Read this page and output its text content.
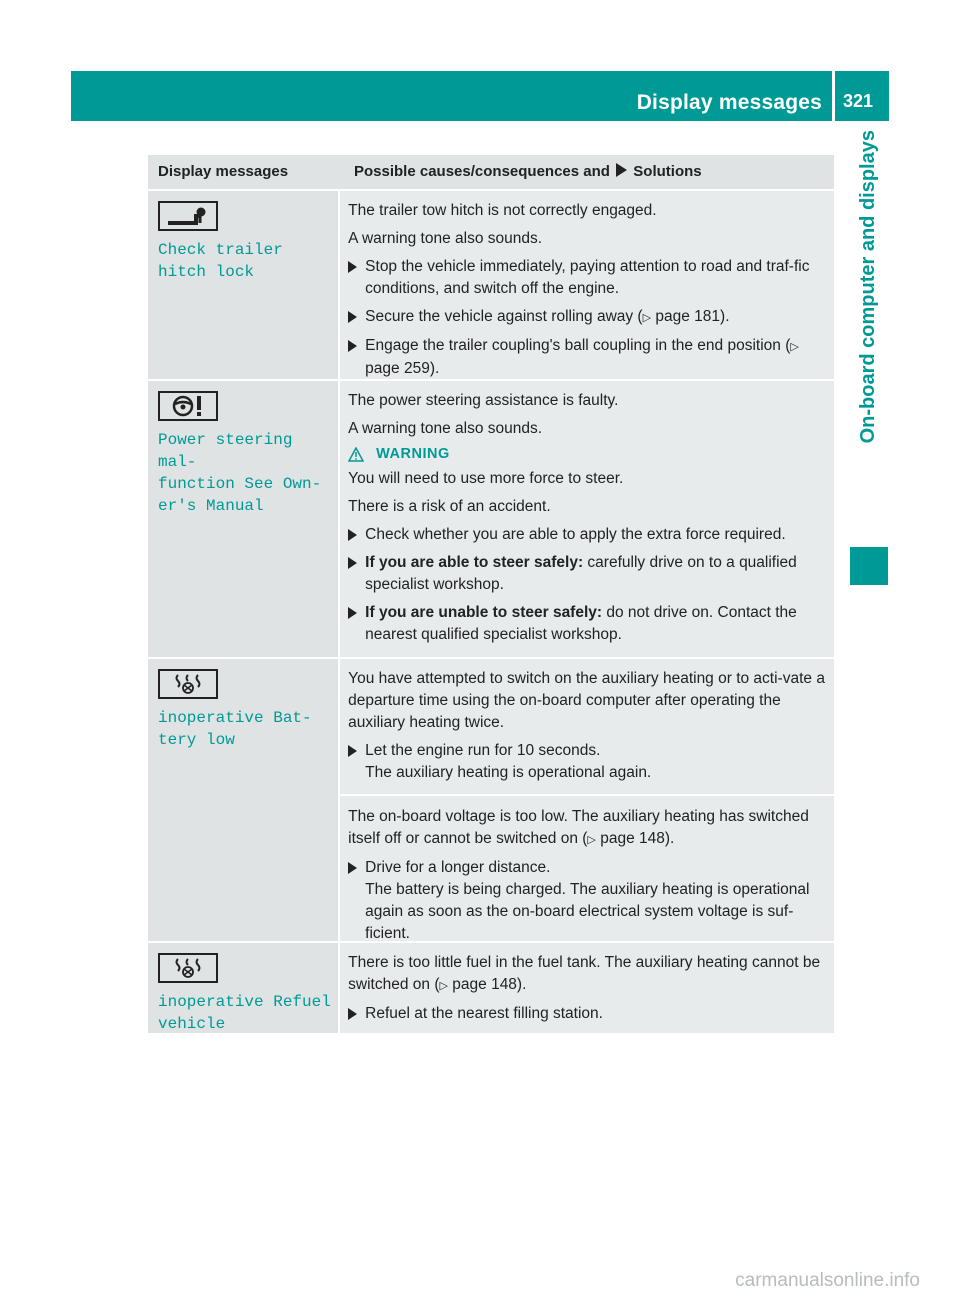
Display messages 321
On-board computer and displays
Display messages	Possible causes/consequences and Solutions
Check trailer
hitch lock

The trailer tow hitch is not correctly engaged.

A warning tone also sounds.

Stop the vehicle immediately, paying attention to road and traf-fic conditions, and switch off the engine.
Secure the vehicle against rolling away (▷ page 181).
Engage the trailer coupling's ball coupling in the end position (▷ page 259).
Power steering mal‐
function See Own‐
er's Manual

The power steering assistance is faulty.

A warning tone also sounds.

WARNING

You will need to use more force to steer.

There is a risk of an accident.

Check whether you are able to apply the extra force required.
If you are able to steer safely: carefully drive on to a qualified specialist workshop.
If you are unable to steer safely: do not drive on. Contact the nearest qualified specialist workshop.
inoperative Bat‐
tery low

You have attempted to switch on the auxiliary heating or to acti-vate a departure time using the on-board computer after operating the auxiliary heating twice.

Let the engine run for 10 seconds.
The auxiliary heating is operational again.

The on-board voltage is too low. The auxiliary heating has switched itself off or cannot be switched on (▷ page 148).

Drive for a longer distance.
The battery is being charged. The auxiliary heating is operational again as soon as the on-board electrical system voltage is suf-ficient.
inoperative Refuel
vehicle

There is too little fuel in the fuel tank. The auxiliary heating cannot be switched on (▷ page 148).

Refuel at the nearest filling station.
carmanualsonline.info
